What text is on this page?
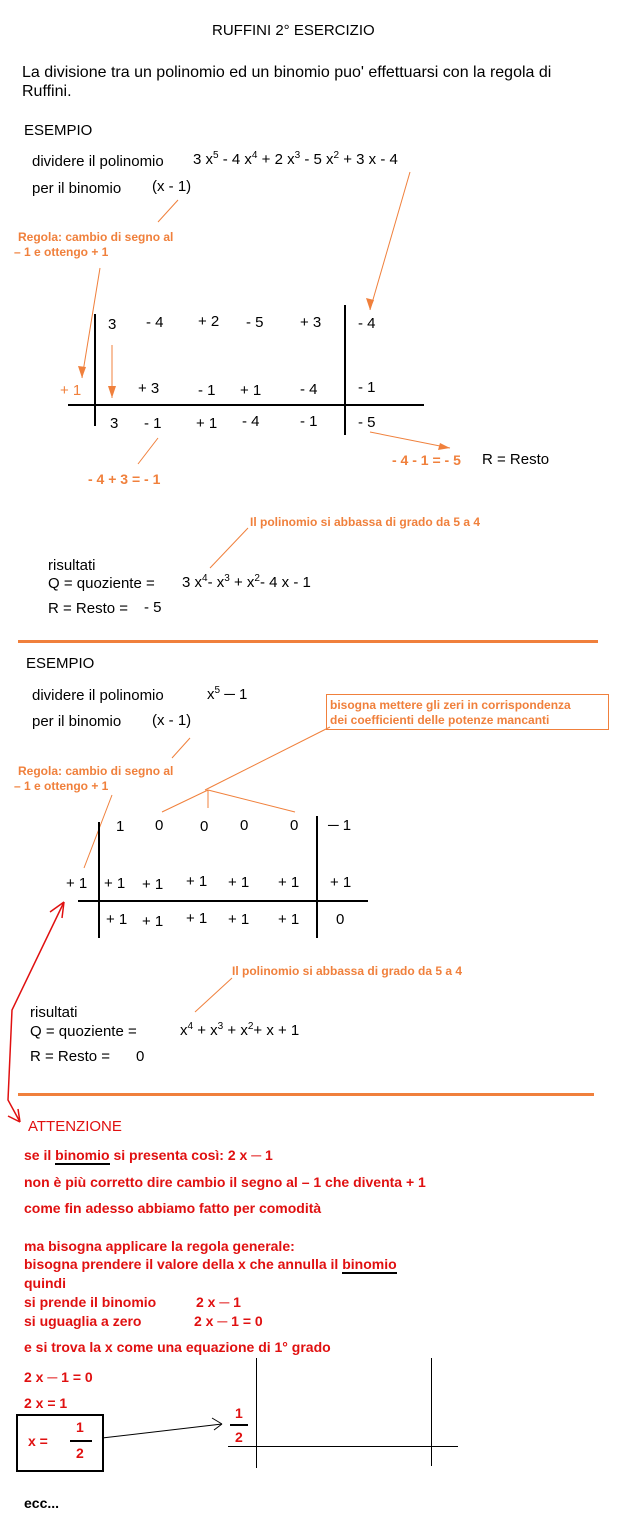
RUFFINI 2° ESERCIZIO
La divisione tra un polinomio ed un binomio puo' effettuarsi con la regola di
Ruffini.
ESEMPIO
dividere il polinomio 3 $x^5 - 4$ $x^4 + 2$ $x^3 - 5$ $x^2 + 3$ x - 4
per il binomio (x - 1)
Regola: cambio di segno al
– 1 e ottengo + 1
3 - 4 + 2 - 5 + 3 - 4
+ 1	+ 3	- 1 + 1	- 4	- 1
3 - 1 + 1 - 4	- 1	- 5
- 4 + 3 = - 1
- 4 - 1 = - 5 R = Resto
Il polinomio si abbassa di grado da 5 a 4
risultati
Q = quoziente = 3 $x^4-$ $x^3 + x^2-$ 4 x - 1
R = Resto = - 5
ESEMPIO
dividere il polinomio	$x^5$ ─ 1
per il binomio (x - 1)
bisogna mettere gli zeri in corrispondenza
dei coefficienti delle potenze mancanti
Regola: cambio di segno al
– 1 e ottengo + 1
1 0 0 0	0 ─ 1
+ 1 + 1 + 1 + 1 + 1 + 1 + 1
+ 1 + 1 + 1 + 1 + 1 0
Il polinomio si abbassa di grado da 5 a 4
risultati
Q = quoziente =	$x^4 + x^3 + x^2+ x + 1$
R = Resto = 0
ATTENZIONE
se il binomio si presenta così: 2 x ─ 1
non è più corretto dire cambio il segno al – 1 che diventa + 1
come fin adesso abbiamo fatto per comodità
ma bisogna applicare la regola generale:
bisogna prendere il valore della x che annulla il binomio
quindi
si prende il binomio	2 x ─ 1
si uguaglia a zero	2 x ─ 1 = 0
e si trova la x come una equazione di 1° grado
2 x ─ 1 = 0
2 x = 1
x =
1
2
1
2
ecc...
